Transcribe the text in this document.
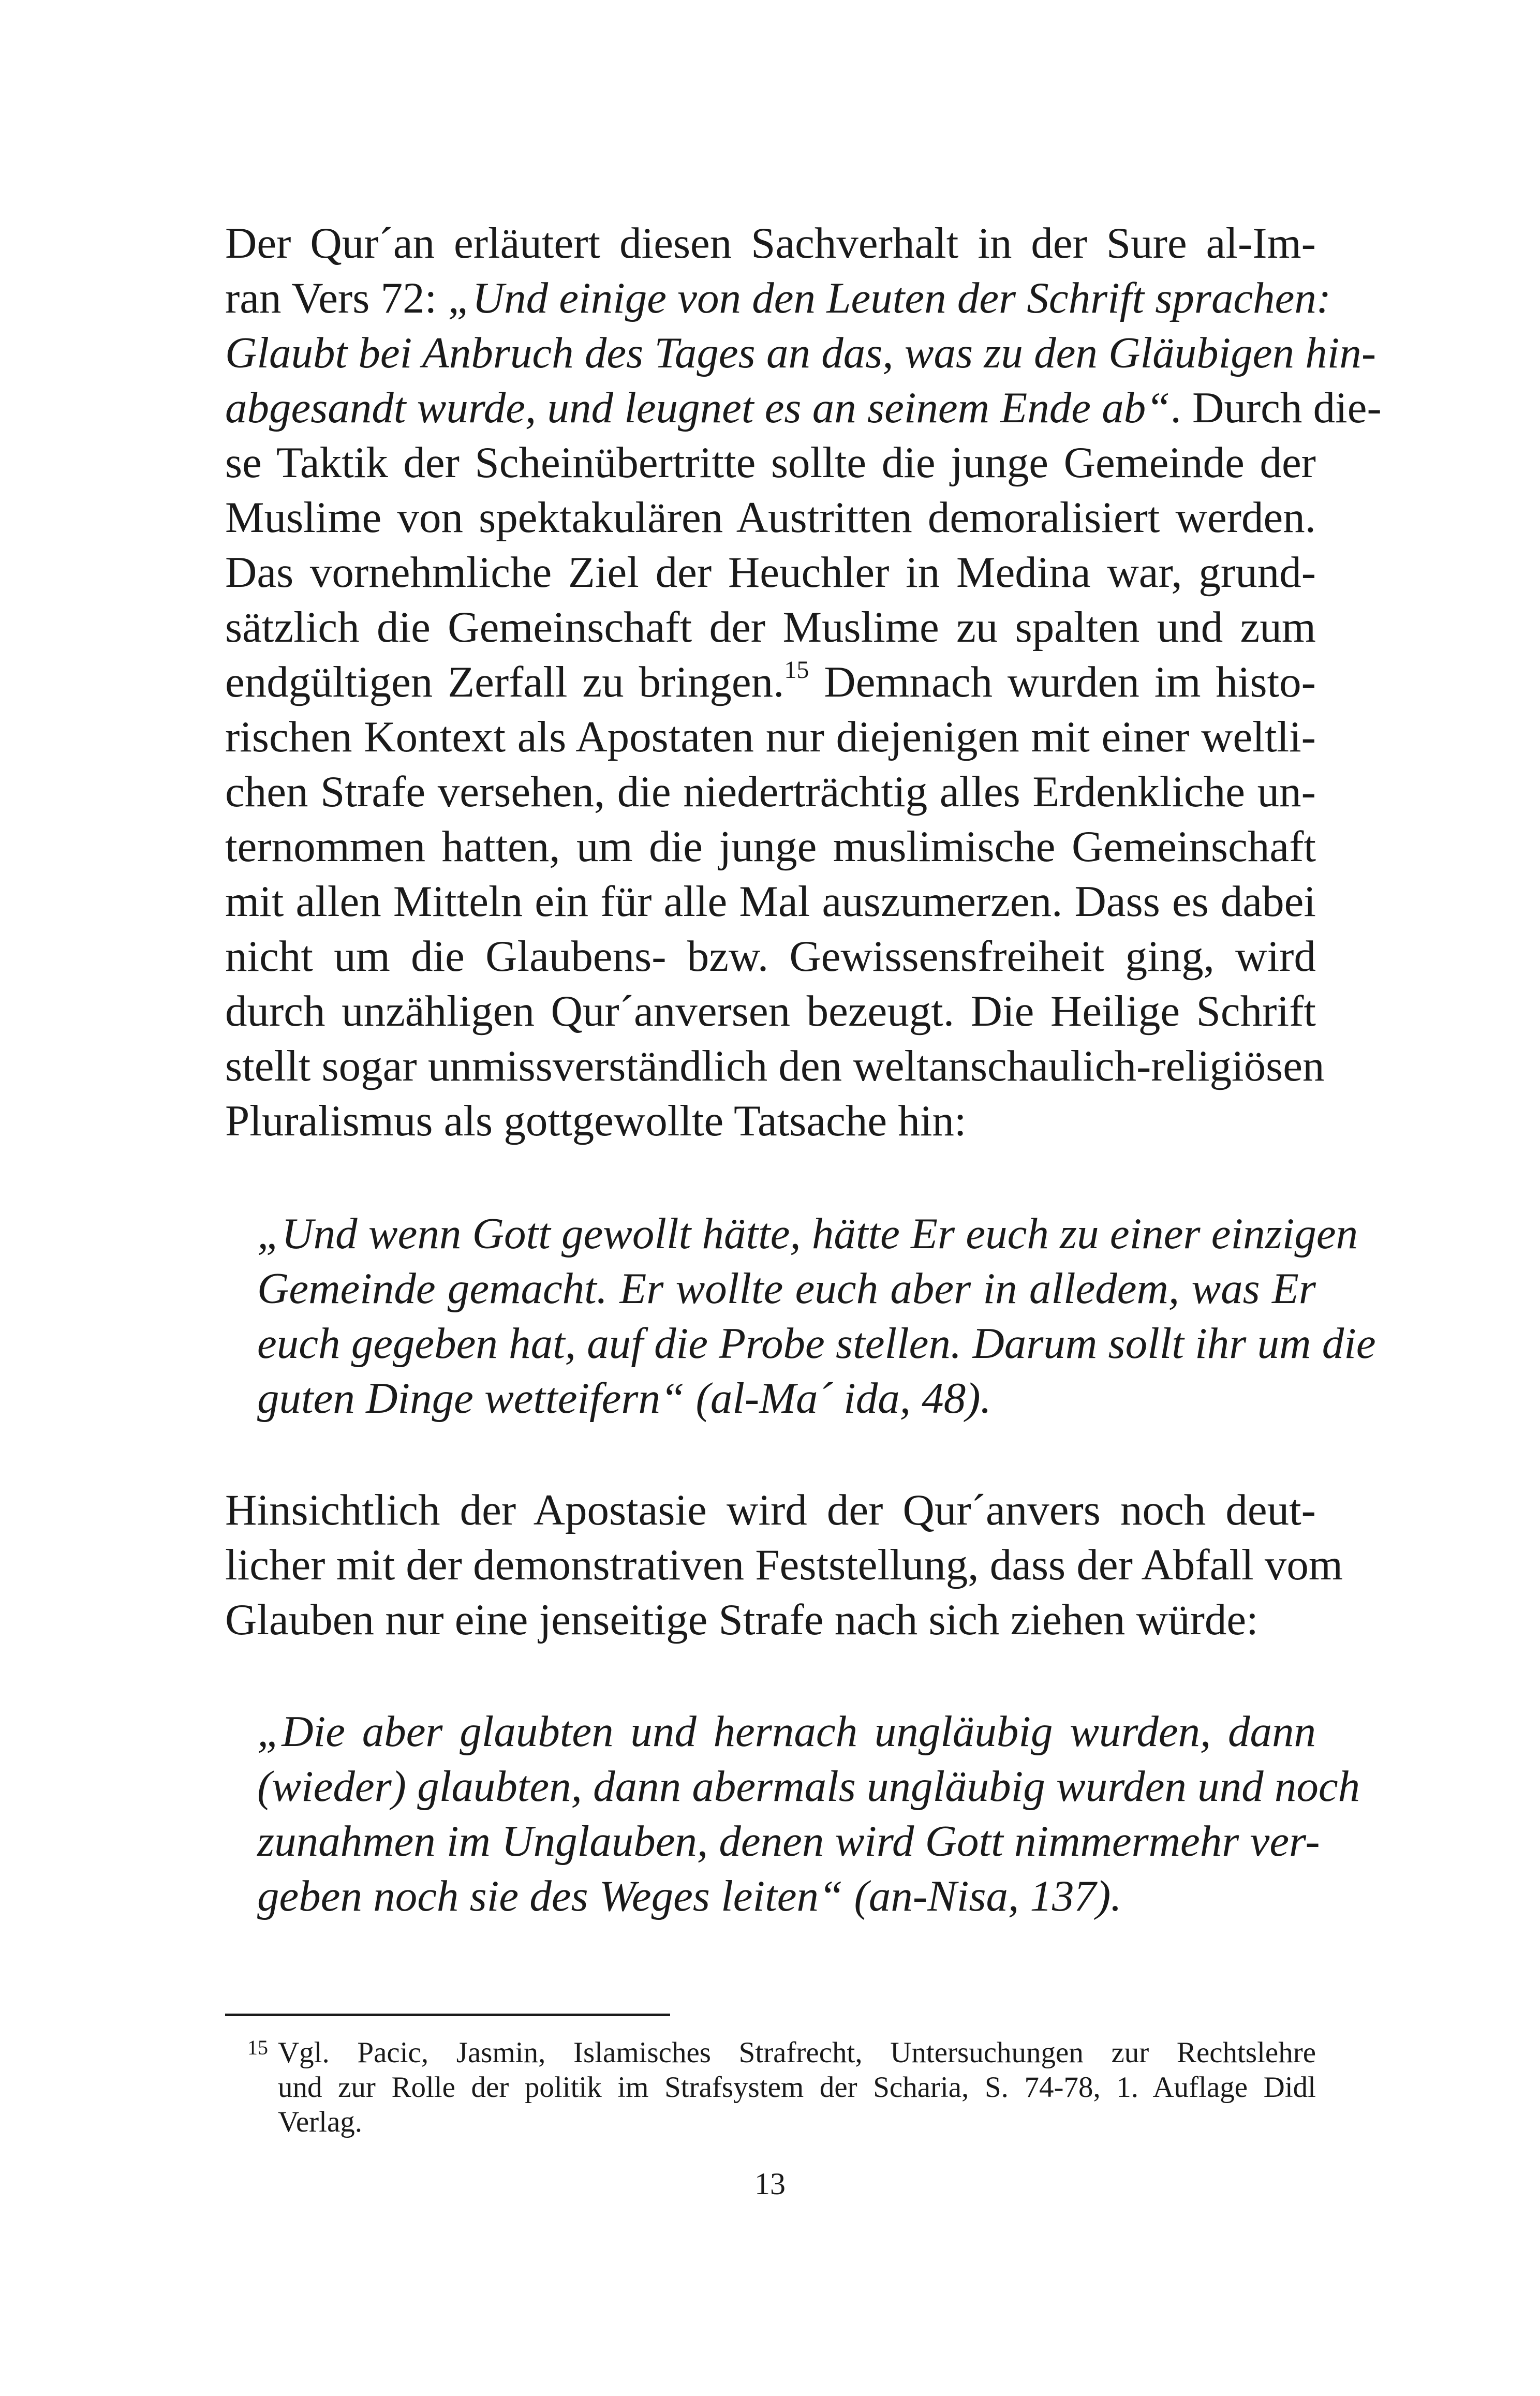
Der Qur´an erläutert diesen Sachverhalt in der Sure al-Im-
ran Vers 72: „Und einige von den Leuten der Schrift sprachen:
Glaubt bei Anbruch des Tages an das, was zu den Gläubigen hin-
abgesandt wurde, und leugnet es an seinem Ende ab“. Durch die-
se Taktik der Scheinübertritte sollte die junge Gemeinde der
Muslime von spektakulären Austritten demoralisiert werden.
Das vornehmliche Ziel der Heuchler in Medina war, grund-
sätzlich die Gemeinschaft der Muslime zu spalten und zum
endgültigen Zerfall zu bringen.$^{15}$ Demnach wurden im histo-
rischen Kontext als Apostaten nur diejenigen mit einer weltli-
chen Strafe versehen, die niederträchtig alles Erdenkliche un-
ternommen hatten, um die junge muslimische Gemeinschaft
mit allen Mitteln ein für alle Mal auszumerzen. Dass es dabei
nicht um die Glaubens- bzw. Gewissensfreiheit ging, wird
durch unzähligen Qur´anversen bezeugt. Die Heilige Schrift
stellt sogar unmissverständlich den weltanschaulich-religiösen
Pluralismus als gottgewollte Tatsache hin:
„Und wenn Gott gewollt hätte, hätte Er euch zu einer einzigen
Gemeinde gemacht. Er wollte euch aber in alledem, was Er
euch gegeben hat, auf die Probe stellen. Darum sollt ihr um die
guten Dinge wetteifern“ (al-Ma´ ida, 48).
Hinsichtlich der Apostasie wird der Qur´anvers noch deut-
licher mit der demonstrativen Feststellung, dass der Abfall vom
Glauben nur eine jenseitige Strafe nach sich ziehen würde:
„Die aber glaubten und hernach ungläubig wurden, dann
(wieder) glaubten, dann abermals ungläubig wurden und noch
zunahmen im Unglauben, denen wird Gott nimmermehr ver-
geben noch sie des Weges leiten“ (an-Nisa, 137).
15 Vgl. Pacic, Jasmin, Islamisches Strafrecht, Untersuchungen zur Rechtslehre
und zur Rolle der politik im Strafsystem der Scharia, S. 74-78, 1. Auflage Didl
Verlag.
13
